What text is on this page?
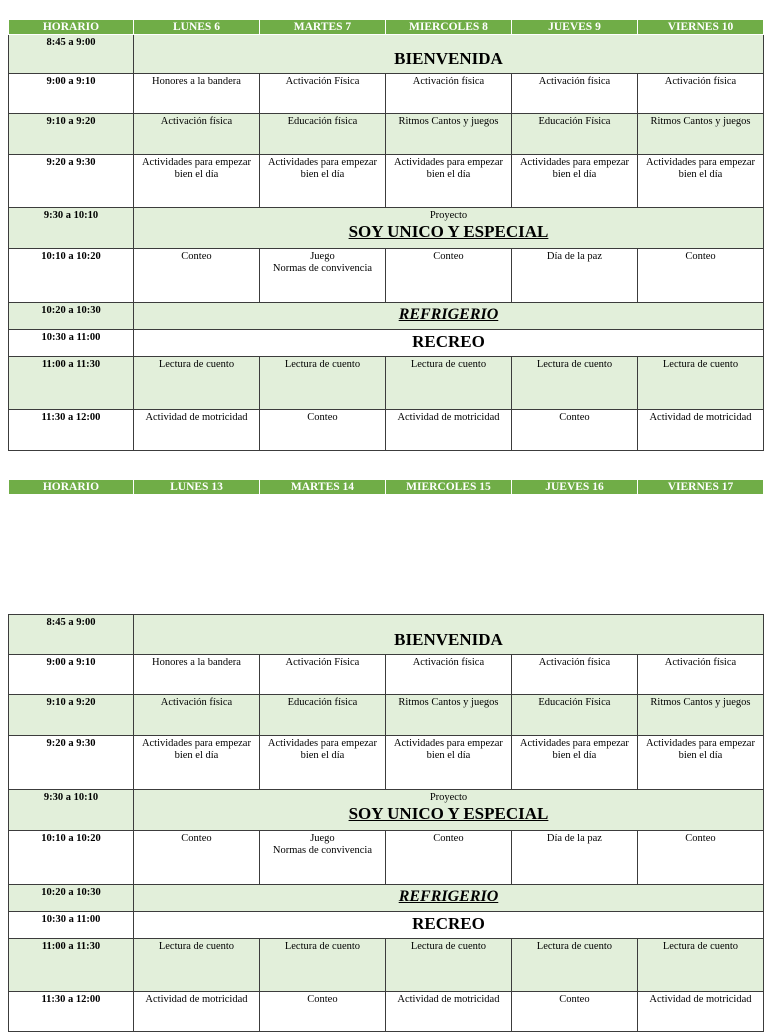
HORARIO	LUNES 6	MARTES 7	MIERCOLES 8	JUEVES 9	VIERNES 10
8:45 a 9:00	BIENVENIDA				

9:00 a 9:10	Honores a la bandera	Activación Física	Activación física	Activación física	Activación física
9:10 a 9:20	Activación física	Educación física	Ritmos Cantos y juegos	Educación Física	Ritmos Cantos y juegos
9:20 a 9:30	Actividades para empezar bien el día	Actividades para empezar bien el día	Actividades para empezar bien el día	Actividades para empezar bien el día	Actividades para empezar bien el día
9:30 a 10:10	Proyecto
SOY UNICO Y ESPECIAL				

10:10 a 10:20	Conteo	Juego
Normas de convivencia	Conteo	Día de la paz	Conteo
10:20 a 10:30	REFRIGERIO				

10:30 a 11:00	RECREO				

11:00 a 11:30	Lectura de cuento	Lectura de cuento	Lectura de cuento	Lectura de cuento	Lectura de cuento
11:30 a 12:00	Actividad de motricidad	Conteo	Actividad de motricidad	Conteo	Actividad de motricidad
HORARIO	LUNES 13	MARTES 14	MIERCOLES 15	JUEVES 16	VIERNES 17
8:45 a 9:00	BIENVENIDA				

9:00 a 9:10	Honores a la bandera	Activación Física	Activación física	Activación física	Activación física
9:10 a 9:20	Activación física	Educación física	Ritmos Cantos y juegos	Educación Física	Ritmos Cantos y juegos
9:20 a 9:30	Actividades para empezar bien el día	Actividades para empezar bien el día	Actividades para empezar bien el día	Actividades para empezar bien el día	Actividades para empezar bien el día
9:30 a 10:10	Proyecto
SOY UNICO Y ESPECIAL				

10:10 a 10:20	Conteo	Juego
Normas de convivencia	Conteo	Día de la paz	Conteo
10:20 a 10:30	REFRIGERIO				

10:30 a 11:00	RECREO				

11:00 a 11:30	Lectura de cuento	Lectura de cuento	Lectura de cuento	Lectura de cuento	Lectura de cuento
11:30 a 12:00	Actividad de motricidad	Conteo	Actividad de motricidad	Conteo	Actividad de motricidad
